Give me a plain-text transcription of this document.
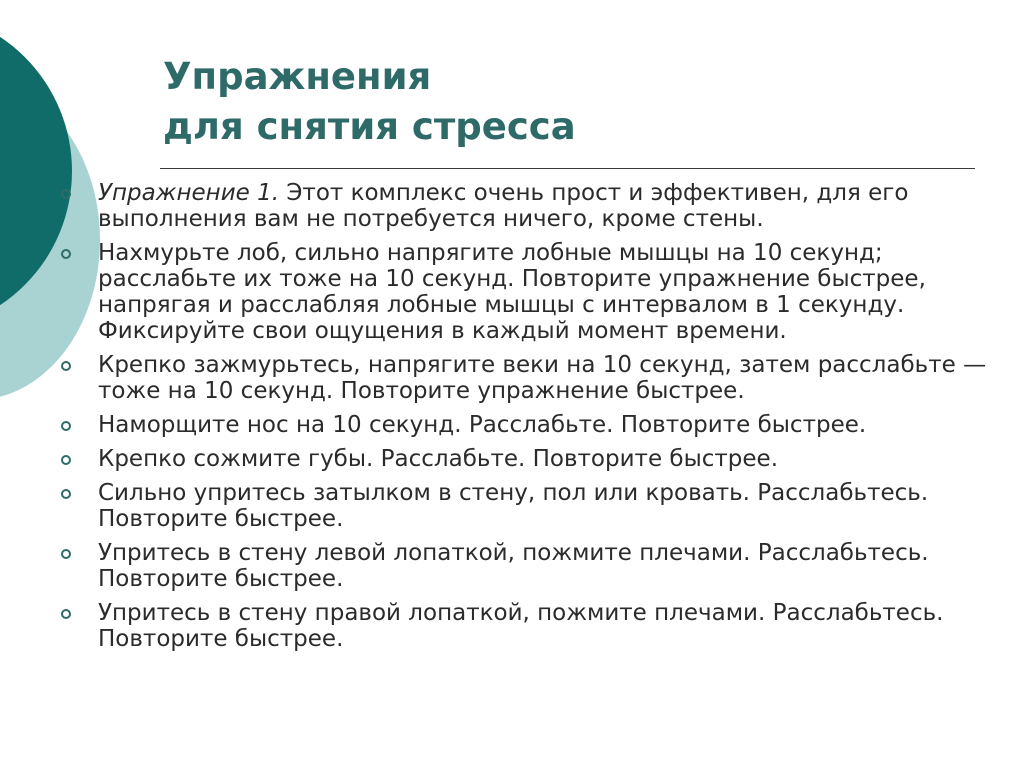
Упражнения
для снятия стресса
Упражнение 1. Этот комплекс очень прост и эффективен, для его выполнения вам не потребуется ничего, кроме стены.
Нахмурьте лоб, сильно напрягите лобные мышцы на 10 секунд; расслабьте их тоже на 10 секунд. Повторите упражнение быстрее, напрягая и расслабляя лобные мышцы с интервалом в 1 секунду. Фиксируйте свои ощущения в каждый момент времени.
Крепко зажмурьтесь, напрягите веки на 10 секунд, затем расслабьте — тоже на 10 секунд. Повторите упражнение быстрее.
Наморщите нос на 10 секунд. Расслабьте. Повторите быстрее.
Крепко сожмите губы. Расслабьте. Повторите быстрее.
Сильно упритесь затылком в стену, пол или кровать. Расслабьтесь. Повторите быстрее.
Упритесь в стену левой лопаткой, пожмите плечами. Расслабьтесь. Повторите быстрее.
Упритесь в стену правой лопаткой, пожмите плечами. Расслабьтесь. Повторите быстрее.
